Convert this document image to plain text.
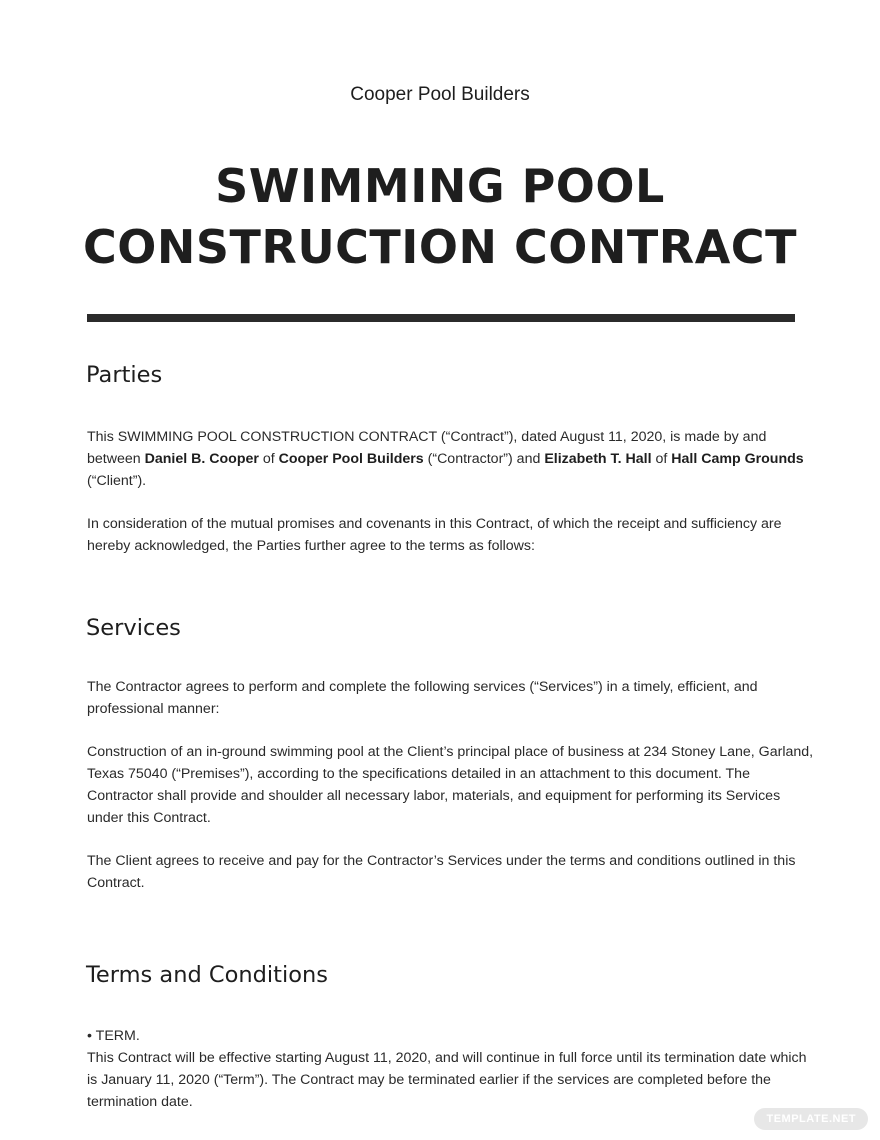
Cooper Pool Builders
SWIMMING POOL
CONSTRUCTION CONTRACT
Parties
This SWIMMING POOL CONSTRUCTION CONTRACT (“Contract”), dated August 11, 2020, is made by and between Daniel B. Cooper of Cooper Pool Builders (“Contractor”) and Elizabeth T. Hall of Hall Camp Grounds (“Client”).
In consideration of the mutual promises and covenants in this Contract, of which the receipt and sufficiency are hereby acknowledged, the Parties further agree to the terms as follows:
Services
The Contractor agrees to perform and complete the following services (“Services”) in a timely, efficient, and professional manner:
Construction of an in-ground swimming pool at the Client’s principal place of business at 234 Stoney Lane, Garland, Texas 75040 (“Premises”), according to the specifications detailed in an attachment to this document. The Contractor shall provide and shoulder all necessary labor, materials, and equipment for performing its Services under this Contract.
The Client agrees to receive and pay for the Contractor’s Services under the terms and conditions outlined in this Contract.
Terms and Conditions
• TERM.
This Contract will be effective starting August 11, 2020, and will continue in full force until its termination date which is January 11, 2020 (“Term”). The Contract may be terminated earlier if the services are completed before the termination date.
TEMPLATE.NET
